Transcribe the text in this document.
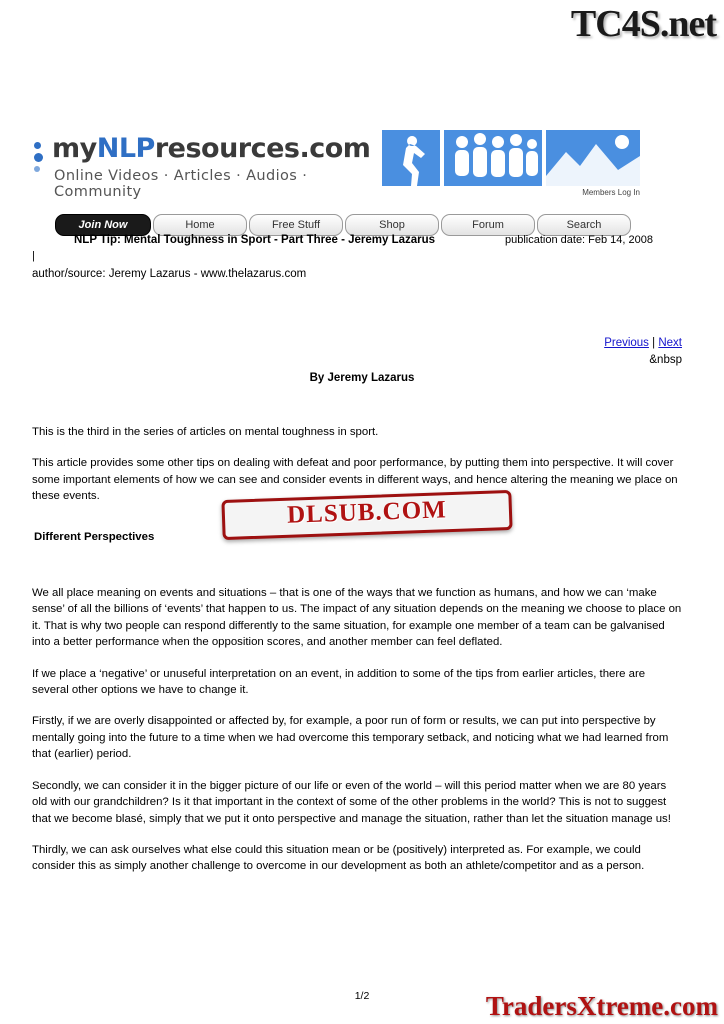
TC4S.net
myNLPresources.com
Online Videos · Articles · Audios · Community	Members Log In
Join Now	Home	Free Stuff	Shop	Forum	Search
NLP Tip: Mental Toughness in Sport - Part Three - Jeremy Lazarus	publication date: Feb 14, 2008
|
author/source: Jeremy Lazarus - www.thelazarus.com
Previous | Next
&nbsp
By Jeremy Lazarus

This is the third in the series of articles on mental toughness in sport.

This article provides some other tips on dealing with defeat and poor performance, by putting them into perspective. It will cover some important elements of how we can see and consider events in different ways, and hence altering the meaning we place on these events.

Different Perspectives

We all place meaning on events and situations – that is one of the ways that we function as humans, and how we can ‘make sense’ of all the billions of ‘events’ that happen to us. The impact of any situation depends on the meaning we choose to place on it. That is why two people can respond differently to the same situation, for example one member of a team can be galvanised into a better performance when the opposition scores, and another member can feel deflated.

If we place a ‘negative’ or unuseful interpretation on an event, in addition to some of the tips from earlier articles, there are several other options we have to change it.

Firstly, if we are overly disappointed or affected by, for example, a poor run of form or results, we can put into perspective by mentally going into the future to a time when we had overcome this temporary setback, and noticing what we had learned from that (earlier) period.

Secondly, we can consider it in the bigger picture of our life or even of the world – will this period matter when we are 80 years old with our grandchildren? Is it that important in the context of some of the other problems in the world? This is not to suggest that we become blasé, simply that we put it onto perspective and manage the situation, rather than let the situation manage us!

Thirdly, we can ask ourselves what else could this situation mean or be (positively) interpreted as. For example, we could consider this as simply another challenge to overcome in our development as both an athlete/competitor and as a person.

DLSUB.COM
1/2	TradersXtreme.com
